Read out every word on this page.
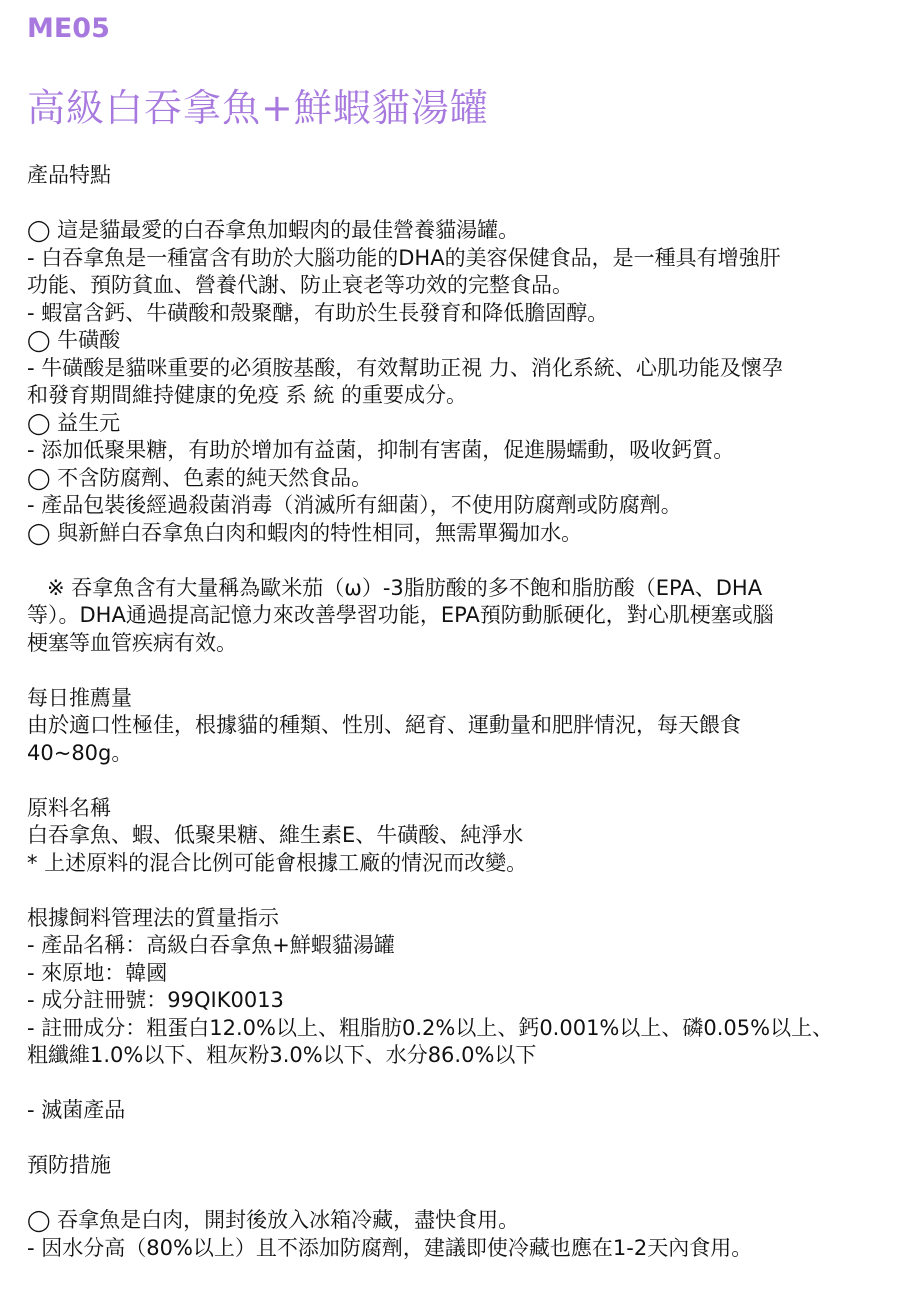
ME05
高級白吞拿魚+鮮蝦貓湯罐
產品特點
◯ 這是貓最愛的白吞拿魚加蝦肉的最佳營養貓湯罐。
- 白吞拿魚是一種富含有助於大腦功能的DHA的美容保健食品，是一種具有增強肝
功能、預防貧血、營養代謝、防止衰老等功效的完整食品。
- 蝦富含鈣、牛磺酸和殼聚醣，有助於生長發育和降低膽固醇。
◯ 牛磺酸
- 牛磺酸是貓咪重要的必須胺基酸，有效幫助正視 力、消化系統、心肌功能及懷孕
和發育期間維持健康的免疫 系 統 的重要成分。
◯ 益生元
- 添加低聚果糖，有助於增加有益菌，抑制有害菌，促進腸蠕動，吸收鈣質。
◯ 不含防腐劑、色素的純天然食品。
- 產品包裝後經過殺菌消毒（消滅所有細菌），不使用防腐劑或防腐劑。
◯ 與新鮮白吞拿魚白肉和蝦肉的特性相同，無需單獨加水。
※ 吞拿魚含有大量稱為歐米茄（ω）-3脂肪酸的多不飽和脂肪酸（EPA、DHA
等）。DHA通過提高記憶力來改善學習功能，EPA預防動脈硬化，對心肌梗塞或腦
梗塞等血管疾病有效。
每日推薦量
由於適口性極佳，根據貓的種類、性別、絕育、運動量和肥胖情況，每天餵食
40~80g。
原料名稱
白吞拿魚、蝦、低聚果糖、維生素E、牛磺酸、純淨水
* 上述原料的混合比例可能會根據工廠的情況而改變。
根據飼料管理法的質量指示
- 產品名稱：高級白吞拿魚+鮮蝦貓湯罐
- 來原地：韓國
- 成分註冊號：99QIK0013
- 註冊成分：粗蛋白12.0%以上、粗脂肪0.2%以上、鈣0.001%以上、磷0.05%以上、
粗纖維1.0%以下、粗灰粉3.0%以下、水分86.0%以下
- 滅菌產品
預防措施
◯ 吞拿魚是白肉，開封後放入冰箱冷藏，盡快食用。
- 因水分高（80%以上）且不添加防腐劑，建議即使冷藏也應在1-2天內食用。
